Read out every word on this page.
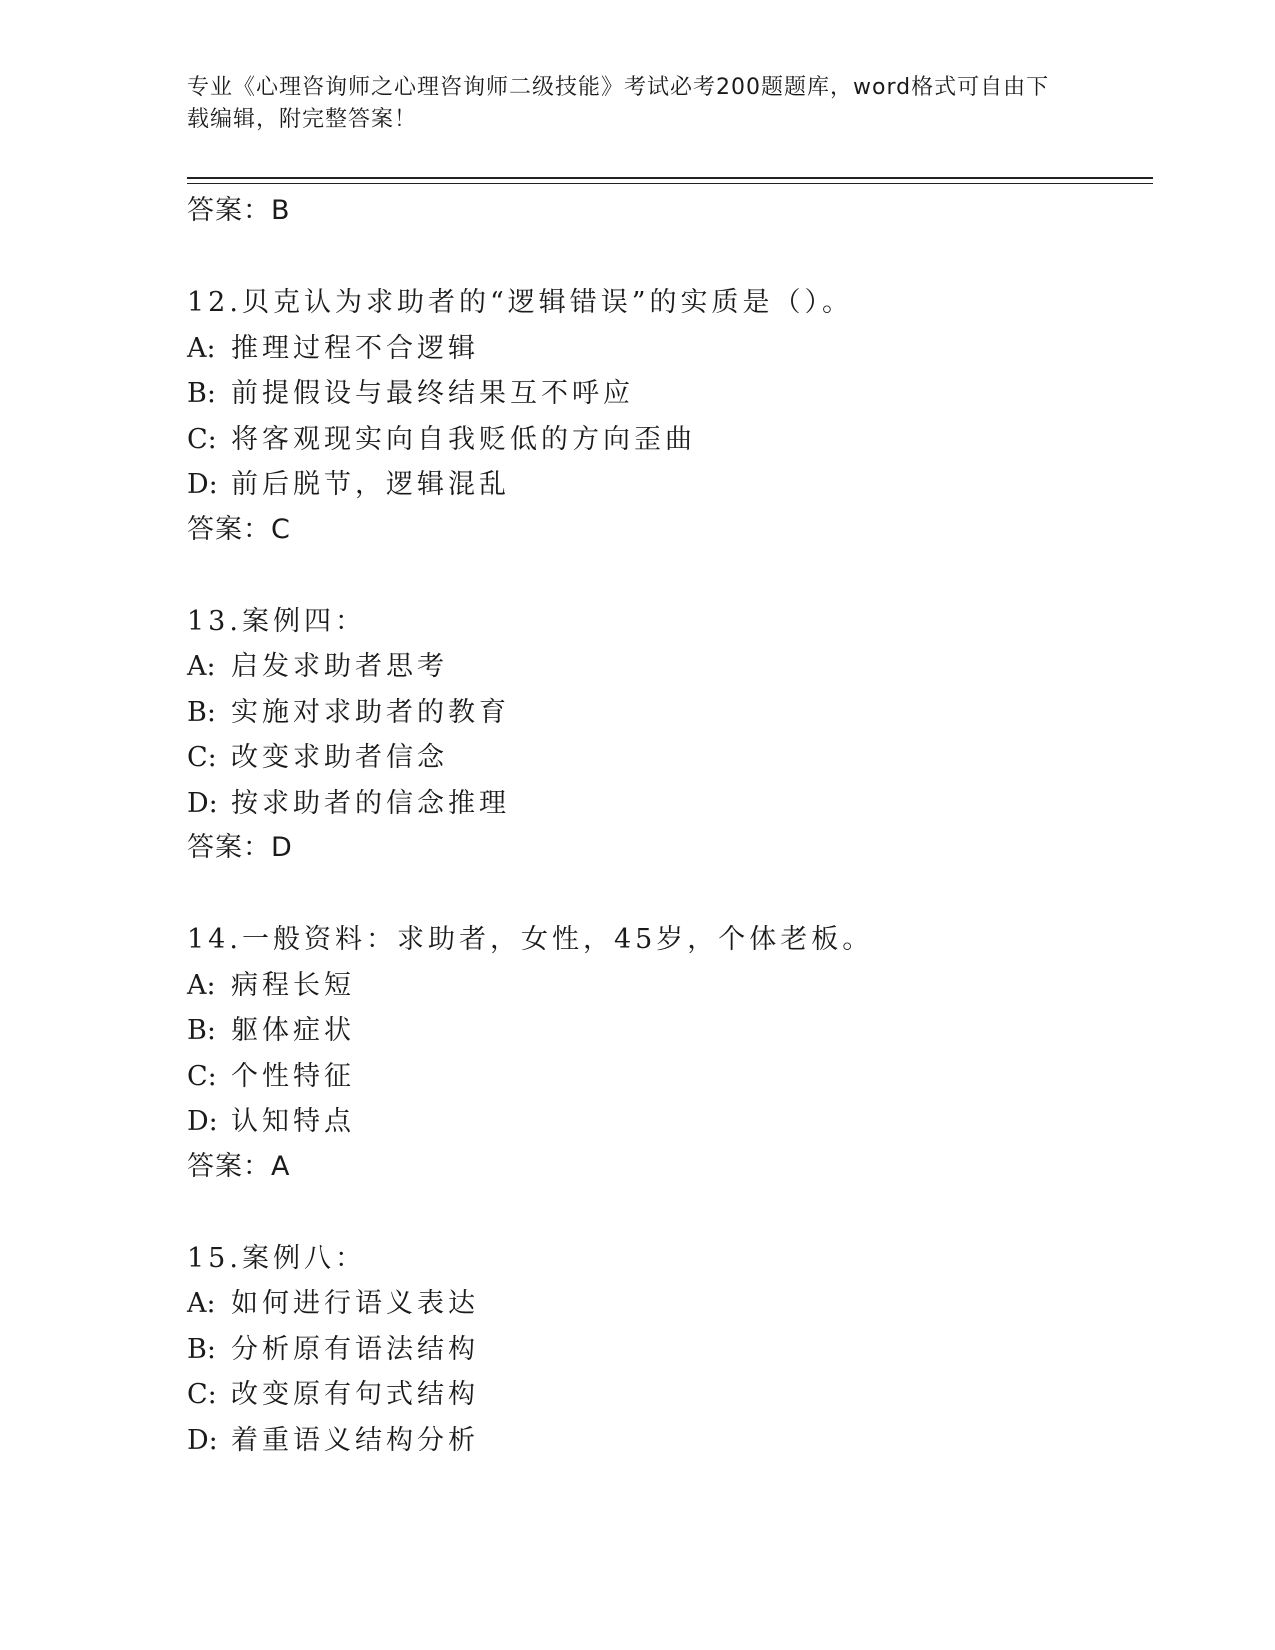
专业《心理咨询师之心理咨询师二级技能》考试必考200题题库，word格式可自由下载编辑，附完整答案！
答案：B
12.贝克认为求助者的“逻辑错误”的实质是（）。
A: 推理过程不合逻辑
B: 前提假设与最终结果互不呼应
C: 将客观现实向自我贬低的方向歪曲
D: 前后脱节，逻辑混乱
答案：C
13.案例四：
A: 启发求助者思考
B: 实施对求助者的教育
C: 改变求助者信念
D: 按求助者的信念推理
答案：D
14.一般资料：求助者，女性，45岁，个体老板。
A: 病程长短
B: 躯体症状
C: 个性特征
D: 认知特点
答案：A
15.案例八：
A: 如何进行语义表达
B: 分析原有语法结构
C: 改变原有句式结构
D: 着重语义结构分析
